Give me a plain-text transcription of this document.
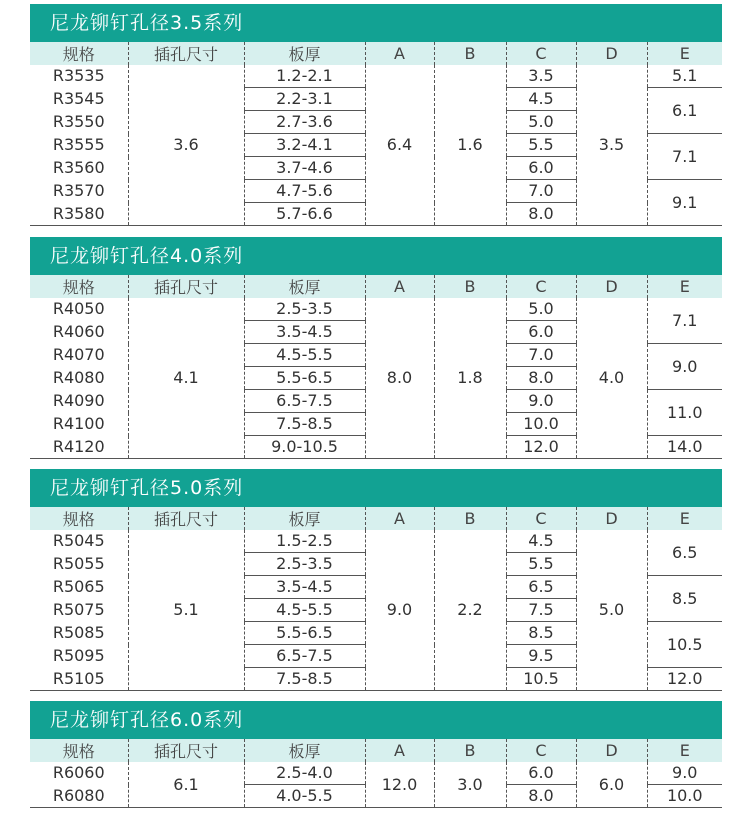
尼龙铆钉孔径3.5系列
规格	插孔尺寸	板厚	A	B	C	D	E
R3535	3.6	1.2-2.1	6.4	1.6	3.5	3.5	5.1
R3545		2.2-3.1			4.5		6.1
R3550		2.7-3.6			5.0		
R3555		3.2-4.1			5.5		7.1
R3560		3.7-4.6			6.0		
R3570		4.7-5.6			7.0		9.1
R3580		5.7-6.6			8.0		
尼龙铆钉孔径4.0系列
规格	插孔尺寸	板厚	A	B	C	D	E
R4050	4.1	2.5-3.5	8.0	1.8	5.0	4.0	7.1
R4060		3.5-4.5			6.0		
R4070		4.5-5.5			7.0		9.0
R4080		5.5-6.5			8.0		
R4090		6.5-7.5			9.0		11.0
R4100		7.5-8.5			10.0		
R4120		9.0-10.5			12.0		14.0
尼龙铆钉孔径5.0系列
规格	插孔尺寸	板厚	A	B	C	D	E
R5045	5.1	1.5-2.5	9.0	2.2	4.5	5.0	6.5
R5055		2.5-3.5			5.5		
R5065		3.5-4.5			6.5		8.5
R5075		4.5-5.5			7.5		
R5085		5.5-6.5			8.5		10.5
R5095		6.5-7.5			9.5		
R5105		7.5-8.5			10.5		12.0
尼龙铆钉孔径6.0系列
规格	插孔尺寸	板厚	A	B	C	D	E
R6060	6.1	2.5-4.0	12.0	3.0	6.0	6.0	9.0
R6080		4.0-5.5			8.0		10.0
